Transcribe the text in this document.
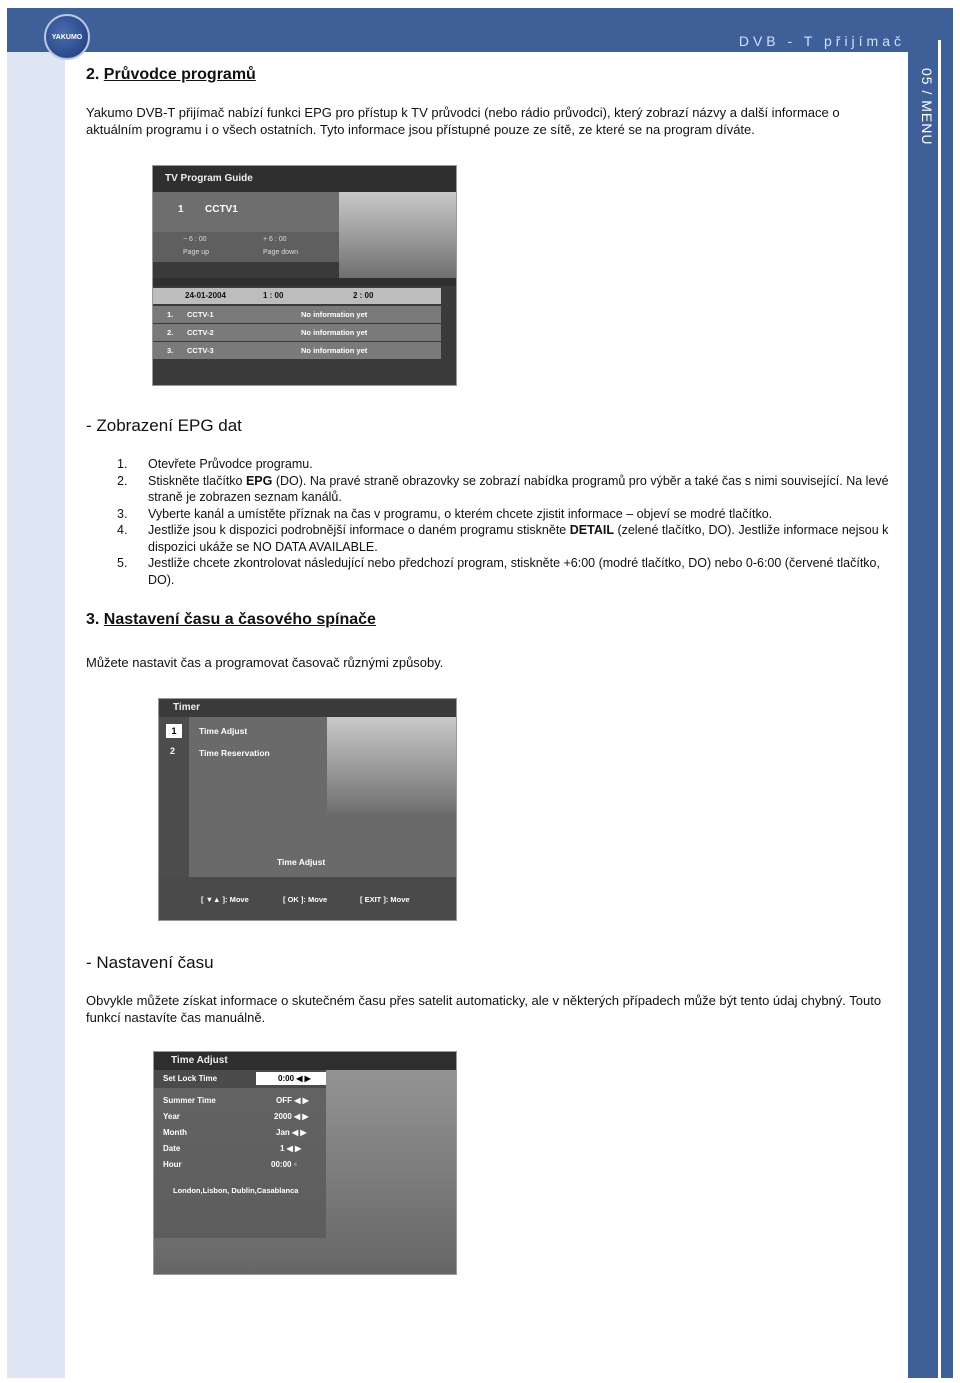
YAKUMO	DVB - T přijímač
05 / MENU
2. Průvodce programů

Yakumo DVB-T přijímač nabízí funkci EPG pro přístup k TV průvodci (nebo rádio průvodci), který zobrazí názvy a další informace o aktuálním programu i o všech ostatních. Tyto informace jsou přístupné pouze ze sítě, ze které se na program díváte.

TV Program Guide
1 CCTV1
− 6 : 00	+ 6 : 00
Page up	Page down
24-01-2004	1 : 00	2 : 00
1. CCTV-1	No information yet
2. CCTV-2	No information yet
3. CCTV-3	No information yet
- Zobrazení EPG dat
1. Otevřete Průvodce programu.
2. Stiskněte tlačítko EPG (DO). Na pravé straně obrazovky se zobrazí nabídka programů pro výběr a také čas s nimi související. Na levé straně je zobrazen seznam kanálů.
3. Vyberte kanál a umístěte příznak na čas v programu, o kterém chcete zjistit informace – objeví se modré tlačítko.
4. Jestliže jsou k dispozici podrobnější informace o daném programu stiskněte DETAIL (zelené tlačítko, DO). Jestliže informace nejsou k dispozici ukáže se NO DATA AVAILABLE.
5. Jestliže chcete zkontrolovat následující nebo předchozí program, stiskněte +6:00 (modré tlačítko, DO) nebo 0-6:00 (červené tlačítko, DO).
3. Nastavení času a časového spínače

Můžete nastavit čas a programovat časovač různými způsoby.

Timer
1
2
Time Adjust
Time Reservation
Time Adjust
[ ▼▲ ]: Move	[ OK ]: Move	[ EXIT ]: Move
- Nastavení času

Obvykle můžete získat informace o skutečném času přes satelit automaticky, ale v některých případech může být tento údaj chybný. Touto funkcí nastavíte čas manuálně.

Time Adjust
Set Lock Time	0:00 ◀ ▶
Summer Time	OFF ◀ ▶
Year	2000 ◀ ▶
Month	Jan ◀ ▶
Date	1 ◀ ▶
Hour	00:00 ▫
London,Lisbon, Dublin,Casablanca
